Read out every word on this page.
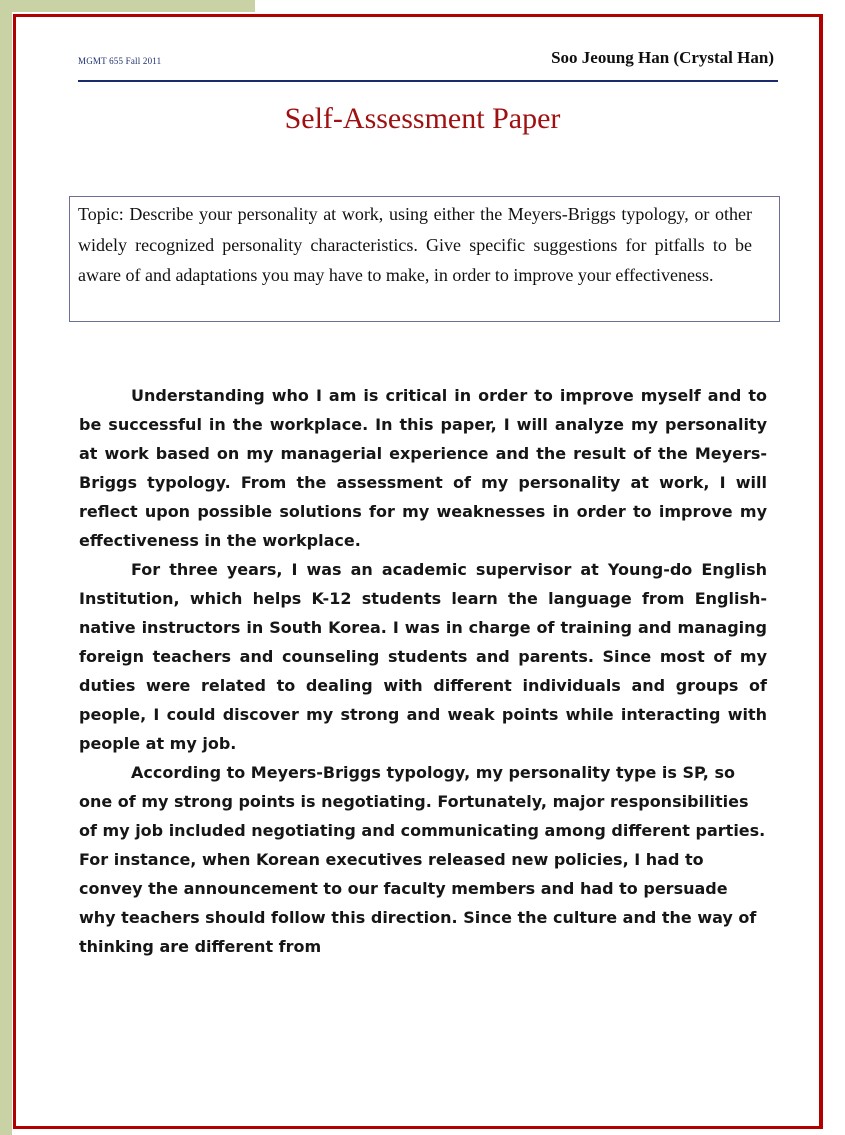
MGMT 655 Fall 2011	Soo Jeoung Han (Crystal Han)
Self-Assessment Paper
Topic: Describe your personality at work, using either the Meyers-Briggs typology, or other widely recognized personality characteristics. Give specific suggestions for pitfalls to be aware of and adaptations you may have to make, in order to improve your effectiveness.

Understanding who I am is critical in order to improve myself and to be successful in the workplace. In this paper, I will analyze my personality at work based on my managerial experience and the result of the Meyers-Briggs typology. From the assessment of my personality at work, I will reflect upon possible solutions for my weaknesses in order to improve my effectiveness in the workplace.

For three years, I was an academic supervisor at Young-do English Institution, which helps K-12 students learn the language from English-native instructors in South Korea. I was in charge of training and managing foreign teachers and counseling students and parents. Since most of my duties were related to dealing with different individuals and groups of people, I could discover my strong and weak points while interacting with people at my job.

According to Meyers-Briggs typology, my personality type is SP, so one of my strong points is negotiating. Fortunately, major responsibilities of my job included negotiating and communicating among different parties. For instance, when Korean executives released new policies, I had to convey the announcement to our faculty members and had to persuade why teachers should follow this direction. Since the culture and the way of thinking are different from
